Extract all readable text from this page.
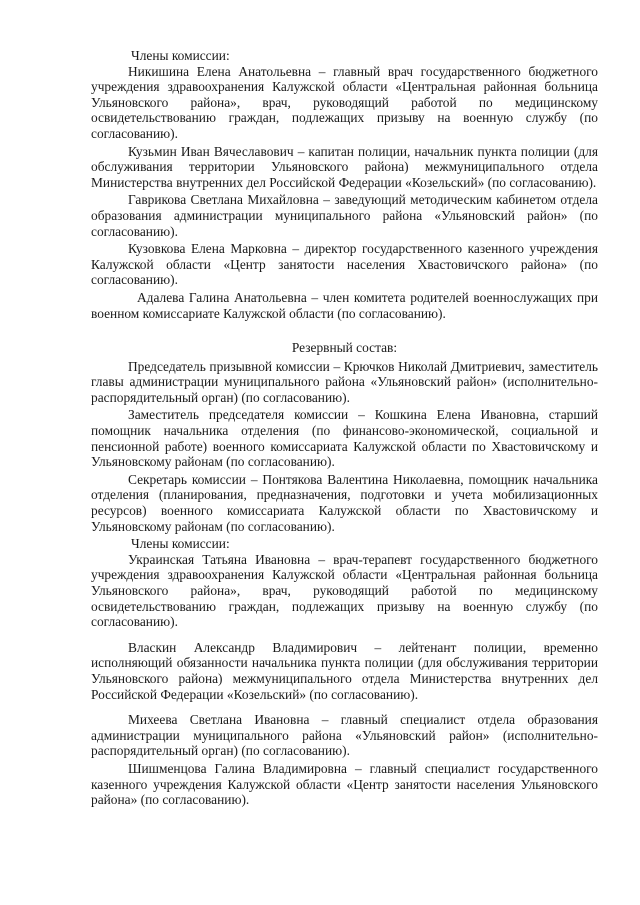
Члены комиссии:

Никишина Елена Анатольевна – главный врач государственного бюджетного учреждения здравоохранения Калужской области «Центральная районная больница Ульяновского района», врач, руководящий работой по медицинскому освидетельствованию граждан, подлежащих призыву на военную службу (по согласованию).

Кузьмин Иван Вячеславович – капитан полиции, начальник пункта полиции (для обслуживания территории Ульяновского района) межмуниципального отдела Министерства внутренних дел Российской Федерации «Козельский» (по согласованию).

Гаврикова Светлана Михайловна – заведующий методическим кабинетом отдела образования администрации муниципального района «Ульяновский район» (по согласованию).

Кузовкова Елена Марковна – директор государственного казенного учреждения Калужской области «Центр занятости населения Хвастовичского района» (по согласованию).

Адалева Галина Анатольевна – член комитета родителей военнослужащих при военном комиссариате Калужской области (по согласованию).

Резервный состав:

Председатель призывной комиссии – Крючков Николай Дмитриевич, заместитель главы администрации муниципального района «Ульяновский район» (исполнительно-распорядительный орган) (по согласованию).

Заместитель председателя комиссии – Кошкина Елена Ивановна, старший помощник начальника отделения (по финансово-экономической, социальной и пенсионной работе) военного комиссариата Калужской области по Хвастовичскому и Ульяновскому районам (по согласованию).

Секретарь комиссии – Понтякова Валентина Николаевна, помощник начальника отделения (планирования, предназначения, подготовки и учета мобилизационных ресурсов) военного комиссариата Калужской области по Хвастовичскому и Ульяновскому районам (по согласованию).

Члены комиссии:

Украинская Татьяна Ивановна – врач-терапевт государственного бюджетного учреждения здравоохранения Калужской области «Центральная районная больница Ульяновского района», врач, руководящий работой по медицинскому освидетельствованию граждан, подлежащих призыву на военную службу (по согласованию).

Власкин Александр Владимирович – лейтенант полиции, временно исполняющий обязанности начальника пункта полиции (для обслуживания территории Ульяновского района) межмуниципального отдела Министерства внутренних дел Российской Федерации «Козельский» (по согласованию).

Михеева Светлана Ивановна – главный специалист отдела образования администрации муниципального района «Ульяновский район» (исполнительно-распорядительный орган) (по согласованию).

Шишменцова Галина Владимировна – главный специалист государственного казенного учреждения Калужской области «Центр занятости населения Ульяновского района» (по согласованию).
